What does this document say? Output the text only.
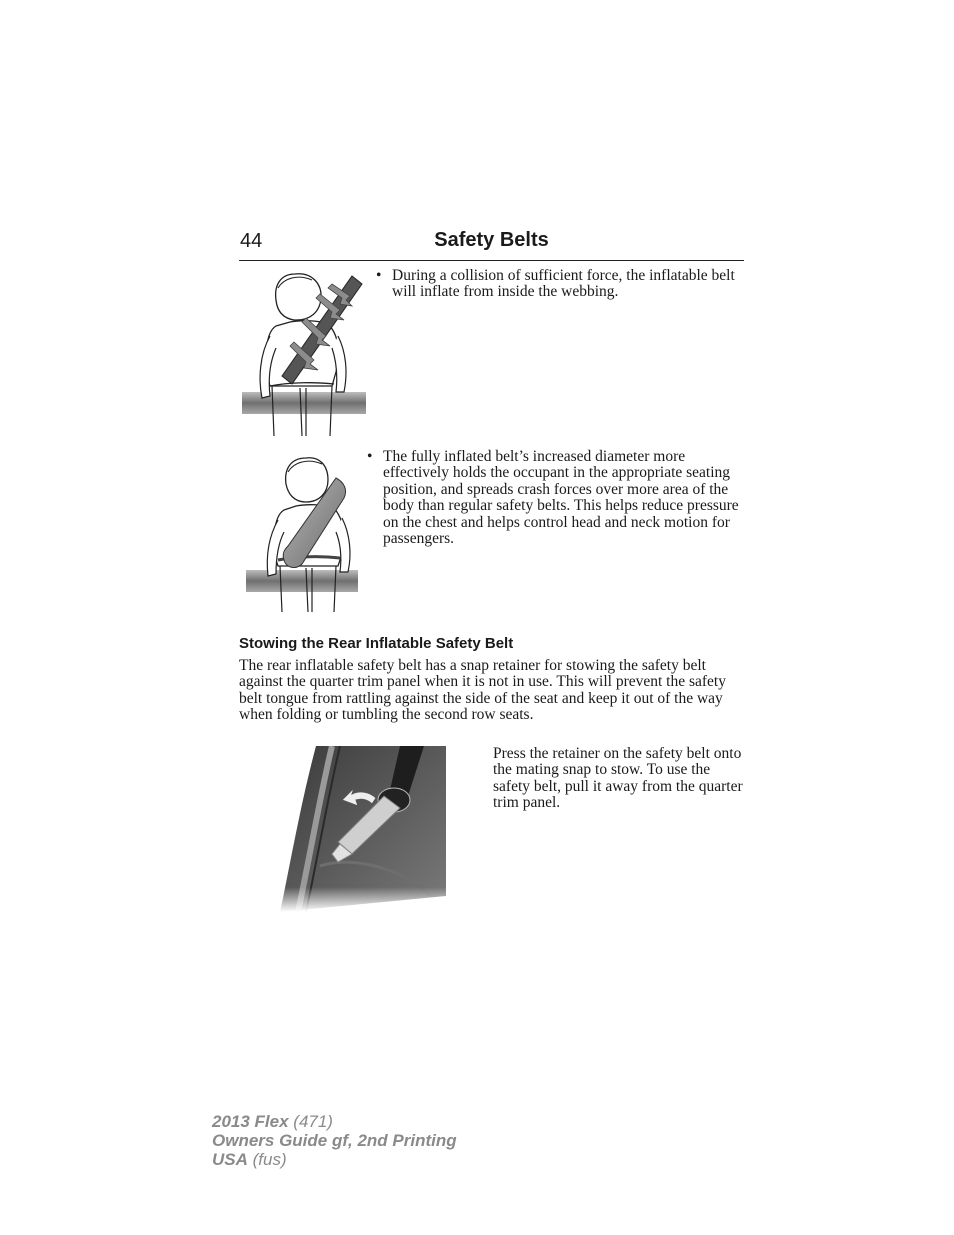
44	Safety Belts
• During a collision of sufficient force, the inflatable belt will inflate from inside the webbing.
• The fully inflated belt’s increased diameter more effectively holds the occupant in the appropriate seating position, and spreads crash forces over more area of the body than regular safety belts. This helps reduce pressure on the chest and helps control head and neck motion for passengers.
Stowing the Rear Inflatable Safety Belt
The rear inflatable safety belt has a snap retainer for stowing the safety belt against the quarter trim panel when it is not in use. This will prevent the safety belt tongue from rattling against the side of the seat and keep it out of the way when folding or tumbling the second row seats.
Press the retainer on the safety belt onto the mating snap to stow. To use the safety belt, pull it away from the quarter trim panel.
2013 Flex (471)
Owners Guide gf, 2nd Printing
USA (fus)
